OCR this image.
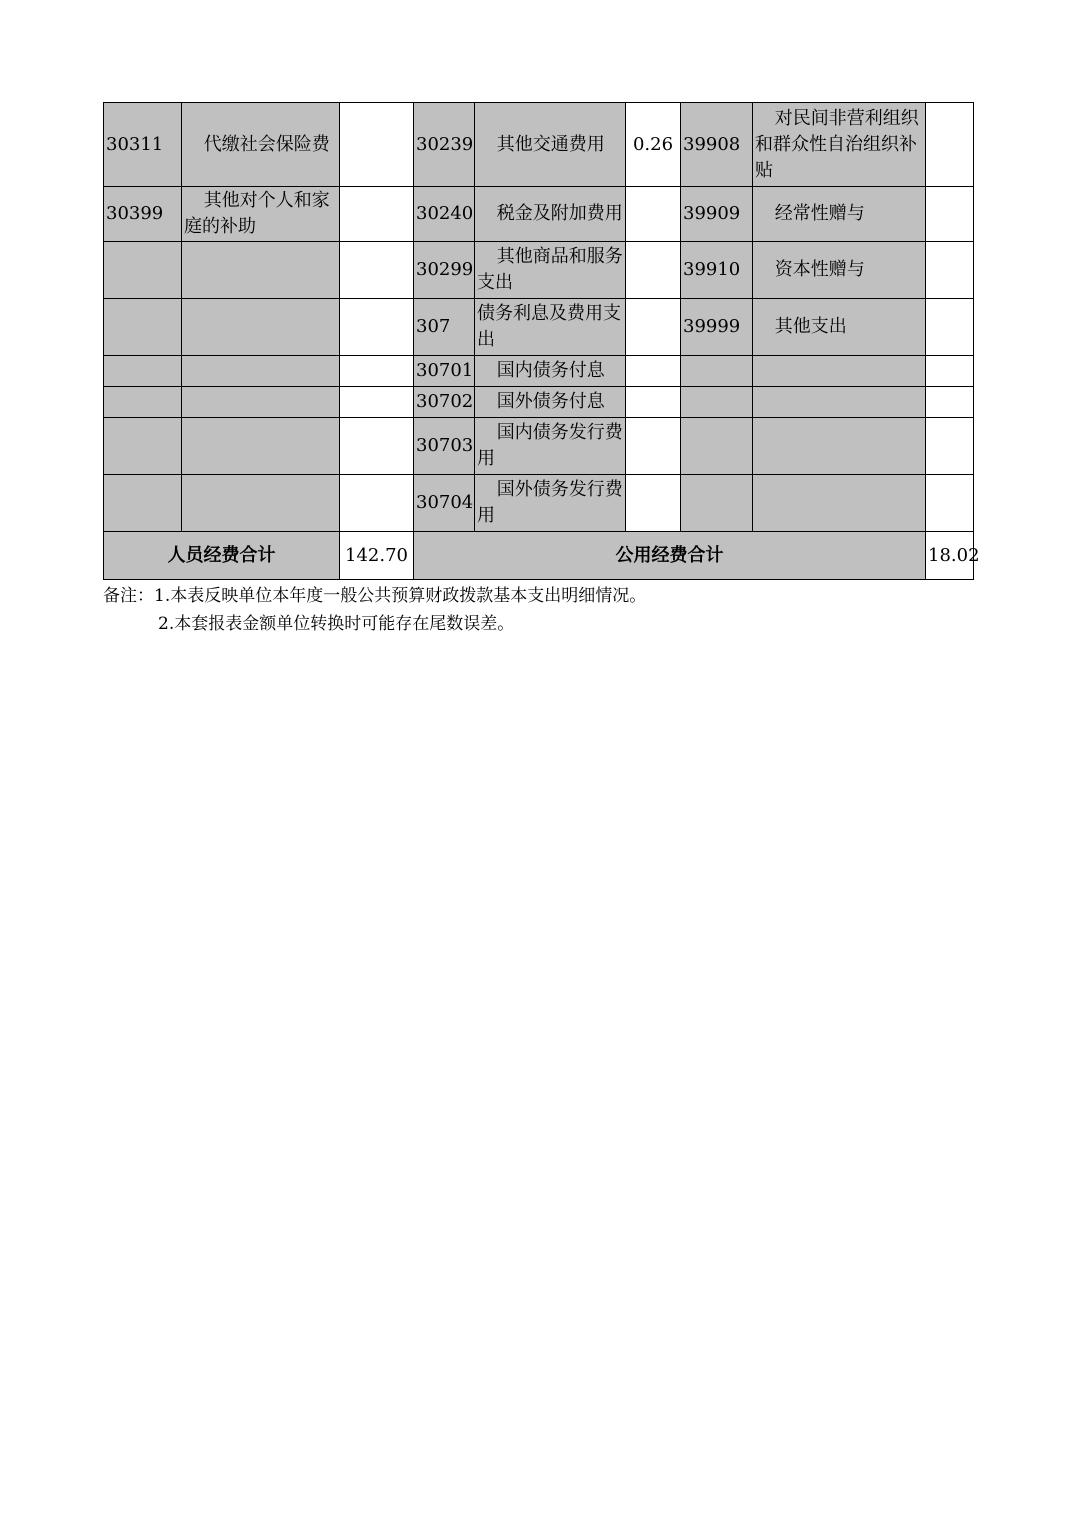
30311	代缴社会保险费		30239	其他交通费用	0.26	39908	对民间非营利组织和群众性自治组织补贴	
30399	其他对个人和家庭的补助		30240	税金及附加费用		39909	经常性赠与	
			30299	其他商品和服务支出		39910	资本性赠与	
			307	债务利息及费用支出		39999	其他支出	
			30701	国内债务付息				
			30702	国外债务付息				
			30703	国内债务发行费用				
			30704	国外债务发行费用				
人员经费合计		142.70	公用经费合计					18.02
备注：1.本表反映单位本年度一般公共预算财政拨款基本支出明细情况。
2.本套报表金额单位转换时可能存在尾数误差。
